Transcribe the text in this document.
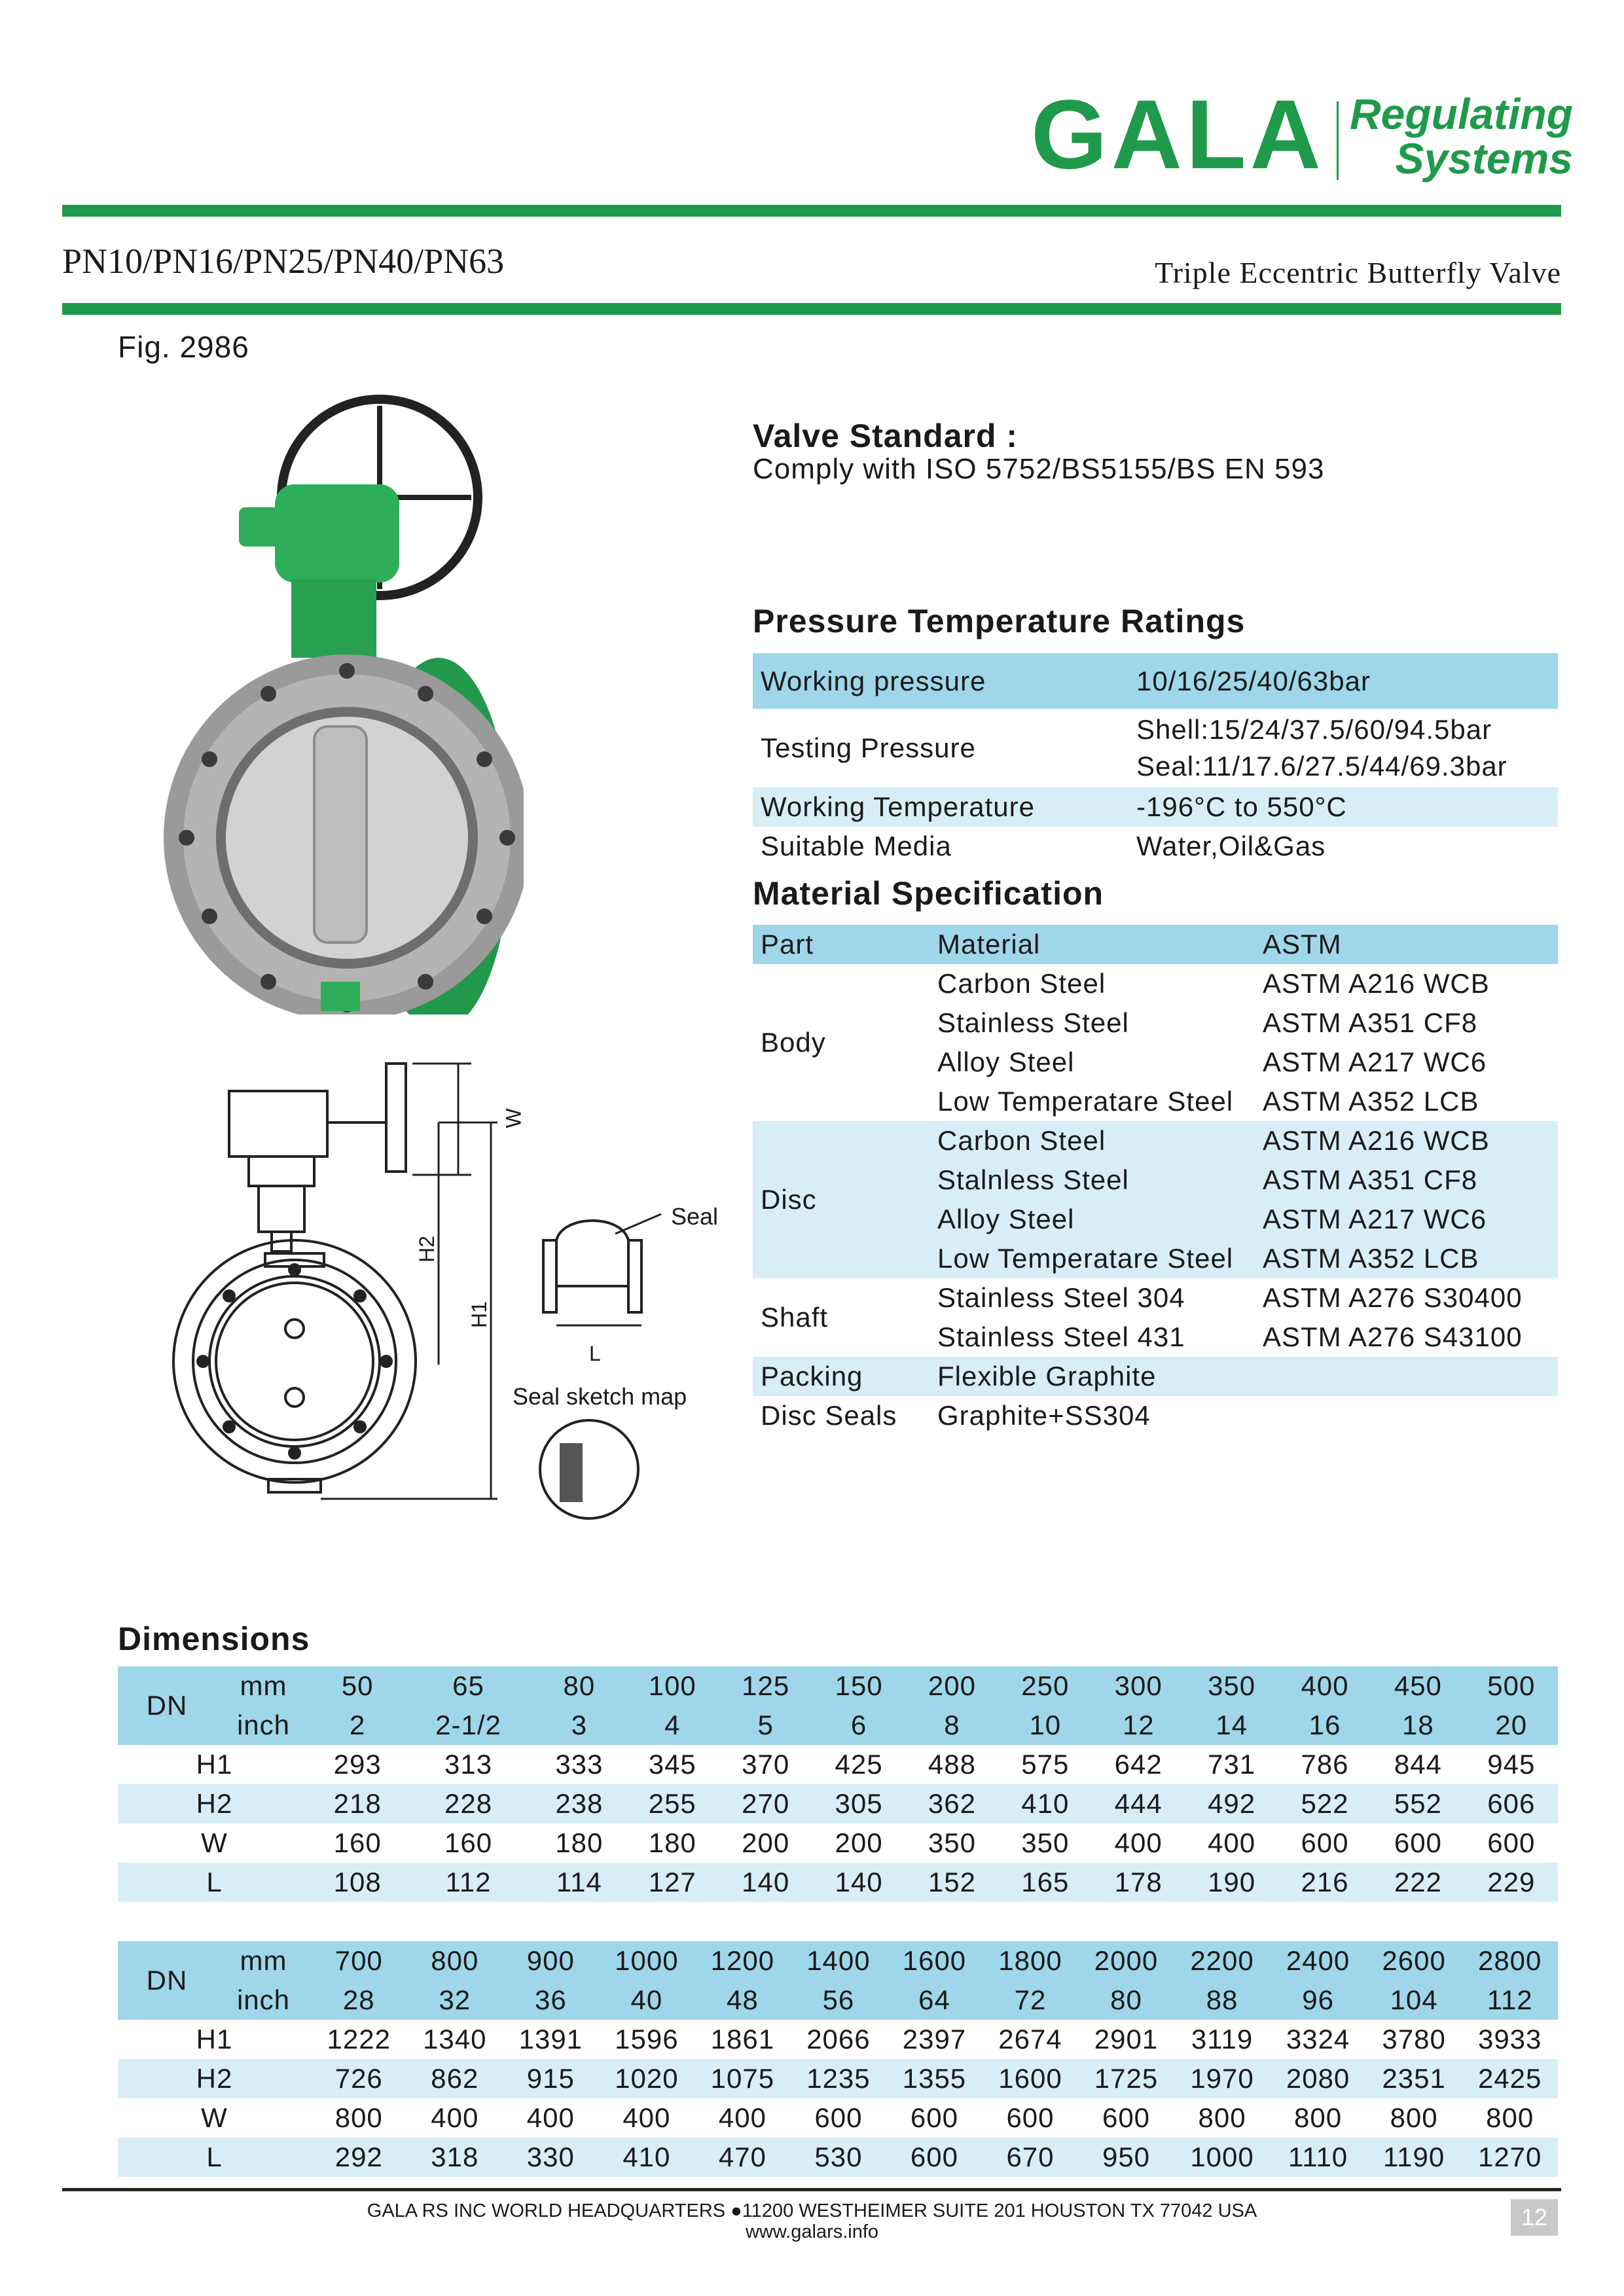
GALA Regulating
Systems
PN10/PN16/PN25/PN40/PN63	Triple Eccentric Butterfly Valve
Fig. 2986
Seal
W
H2
H1
L
Seal sketch map
Valve Standard :
Comply with ISO 5752/BS5155/BS EN 593
Pressure Temperature Ratings
Working pressure	10/16/25/40/63bar
Testing Pressure	Shell:15/24/37.5/60/94.5bar
Seal:11/17.6/27.5/44/69.3bar

Working Temperature	-196°C to 550°C
Suitable Media	Water,Oil&Gas
Material Specification
Part	Material	ASTM
Body	Carbon Steel	ASTM A216 WCB
	Stainless Steel	ASTM A351 CF8
	Alloy Steel	ASTM A217 WC6
	Low Temperatare Steel	ASTM A352 LCB
Disc	Carbon Steel	ASTM A216 WCB
	Stalnless Steel	ASTM A351 CF8
	Alloy Steel	ASTM A217 WC6
	Low Temperatare Steel	ASTM A352 LCB
Shaft	Stainless Steel 304	ASTM A276 S30400
	Stainless Steel 431	ASTM A276 S43100
Packing	Flexible Graphite	
Disc Seals	Graphite+SS304	
Dimensions
DN	mm	50	65	80	100	125	150	200	250	300	350	400	450	500
	inch	2	2-1/2	3	4	5	6	8	10	12	14	16	18	20
H1		293	313	333	345	370	425	488	575	642	731	786	844	945
H2		218	228	238	255	270	305	362	410	444	492	522	552	606
W		160	160	180	180	200	200	350	350	400	400	600	600	600
L		108	112	114	127	140	140	152	165	178	190	216	222	229
DN	mm	700	800	900	1000	1200	1400	1600	1800	2000	2200	2400	2600	2800
	inch	28	32	36	40	48	56	64	72	80	88	96	104	112
H1		1222	1340	1391	1596	1861	2066	2397	2674	2901	3119	3324	3780	3933
H2		726	862	915	1020	1075	1235	1355	1600	1725	1970	2080	2351	2425
W		800	400	400	400	400	600	600	600	600	800	800	800	800
L		292	318	330	410	470	530	600	670	950	1000	1110	1190	1270
GALA RS INC WORLD HEADQUARTERS ●11200 WESTHEIMER SUITE 201 HOUSTON TX 77042 USA
www.galars.info
12
